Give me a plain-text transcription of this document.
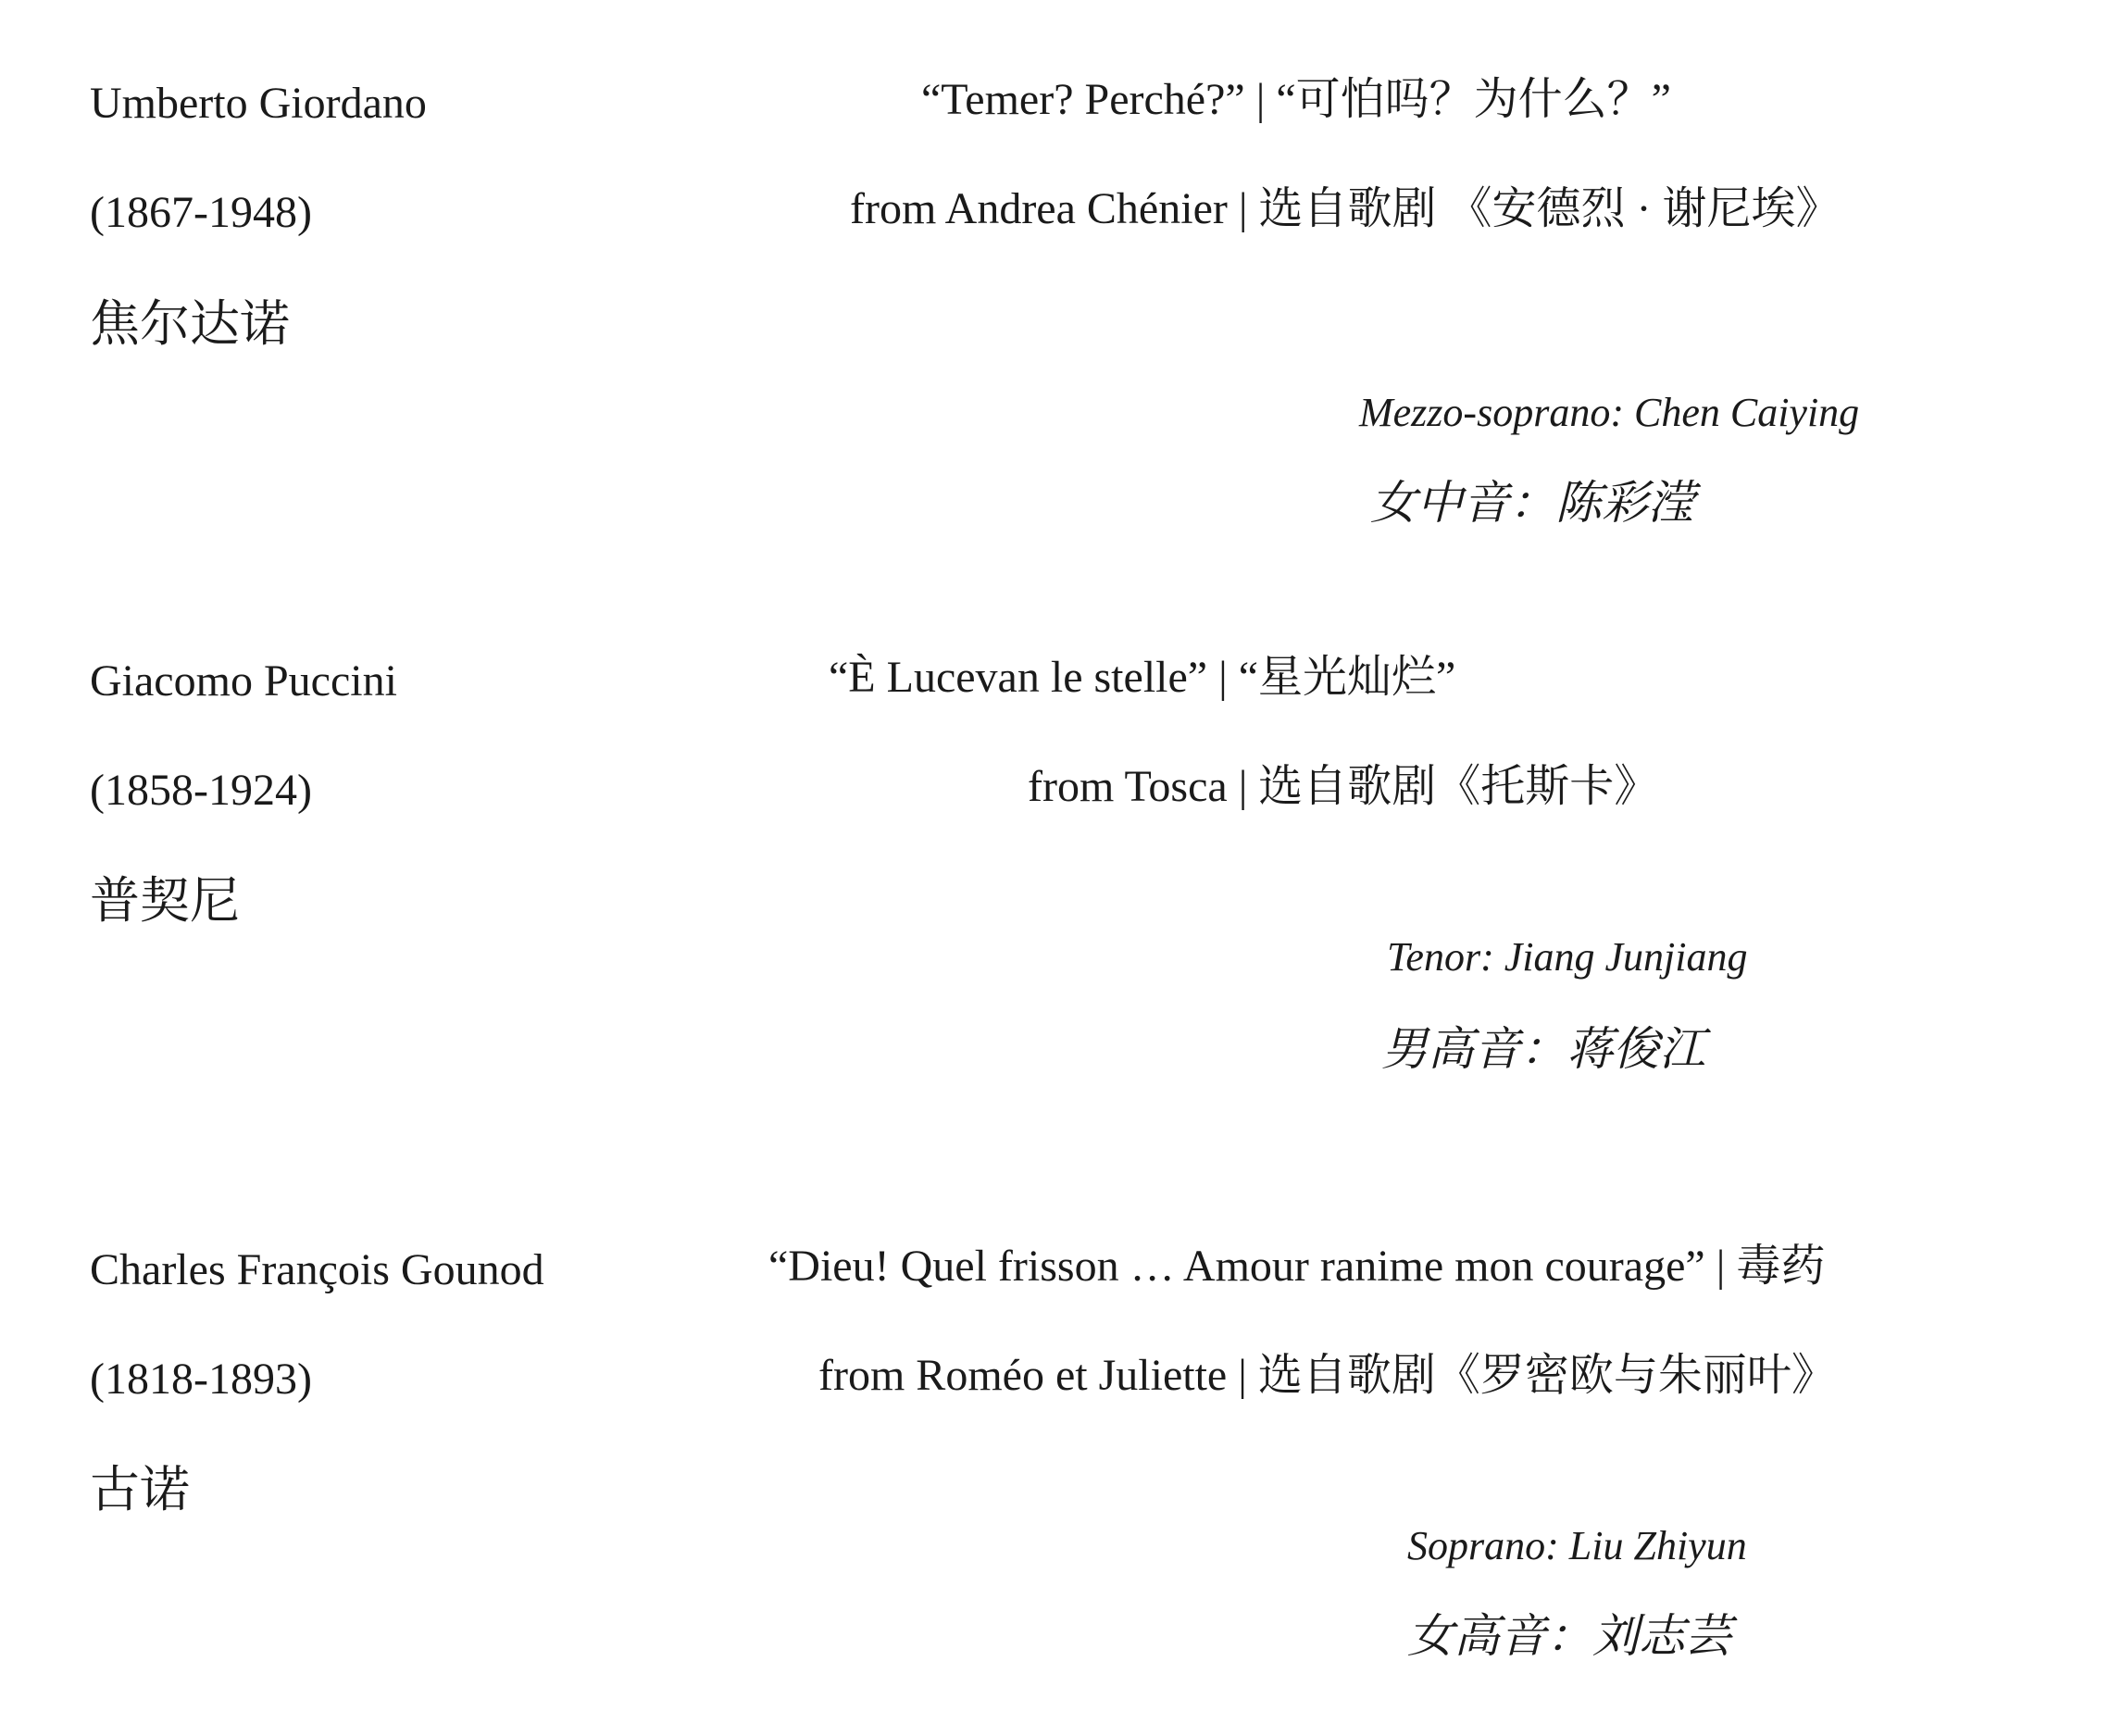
Umberto Giordano
(1867-1948)
焦尔达诺
“Temer? Perché?” | “可怕吗？为什么？”
from Andrea Chénier | 选自歌剧 《安德烈 · 谢尼埃》
Mezzo-soprano: Chen Caiying
女中音：陈彩滢
Giacomo Puccini
(1858-1924)
普契尼
“È Lucevan le stelle” | “星光灿烂”
from Tosca | 选自歌剧《托斯卡》
Tenor: Jiang Junjiang
男高音：蒋俊江
Charles François Gounod
(1818-1893)
古诺
“Dieu! Quel frisson … Amour ranime mon courage” | 毒药
from Roméo et Juliette | 选自歌剧《罗密欧与朱丽叶》
Soprano: Liu Zhiyun
女高音：刘志芸
